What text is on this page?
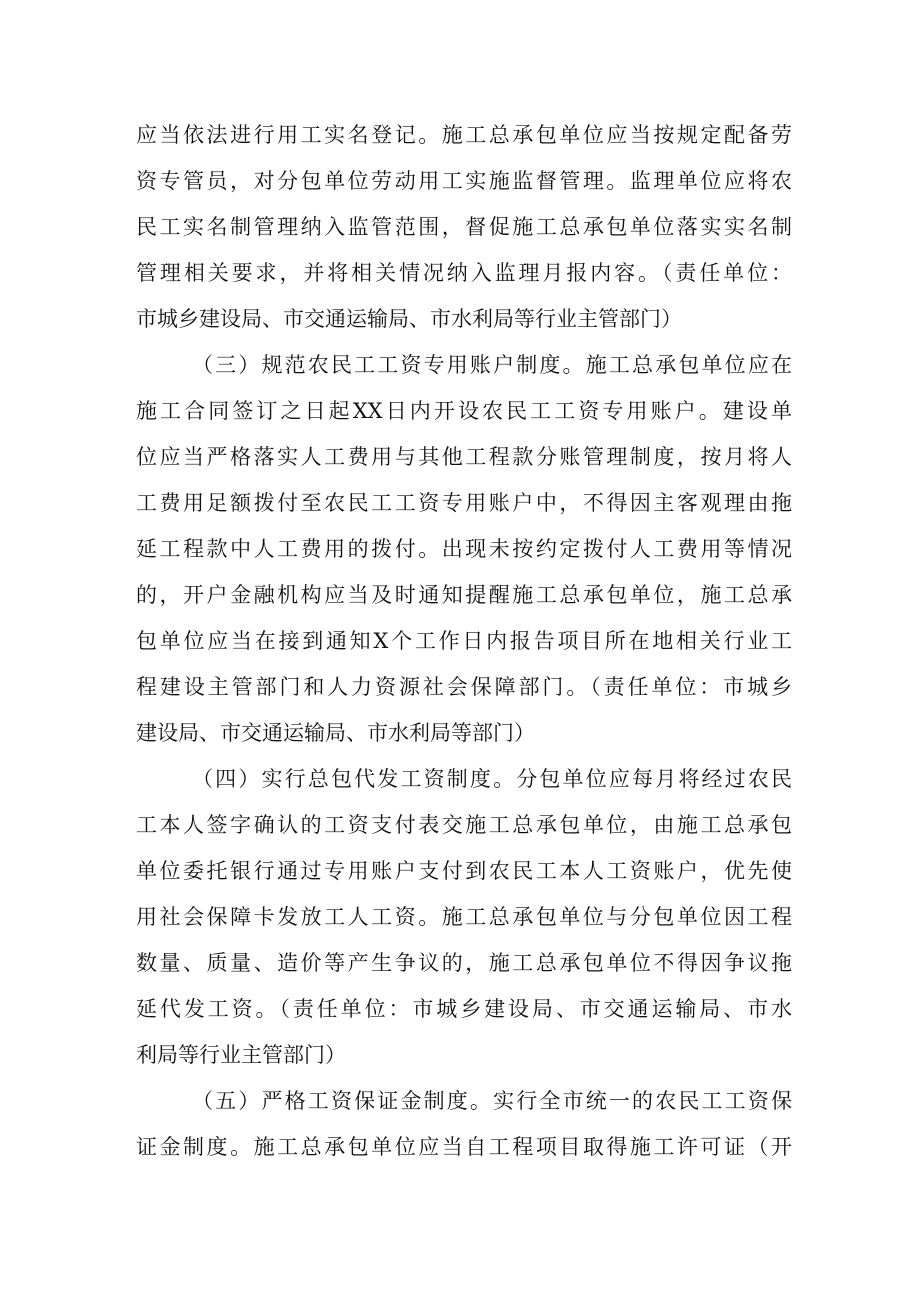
应当依法进行用工实名登记。施工总承包单位应当按规定配备劳
资专管员，对分包单位劳动用工实施监督管理。监理单位应将农
民工实名制管理纳入监管范围，督促施工总承包单位落实实名制
管理相关要求，并将相关情况纳入监理月报内容。（责任单位：
市城乡建设局、市交通运输局、市水利局等行业主管部门）
（三）规范农民工工资专用账户制度。施工总承包单位应在
施工合同签订之日起XX日内开设农民工工资专用账户。建设单
位应当严格落实人工费用与其他工程款分账管理制度，按月将人
工费用足额拨付至农民工工资专用账户中，不得因主客观理由拖
延工程款中人工费用的拨付。出现未按约定拨付人工费用等情况
的，开户金融机构应当及时通知提醒施工总承包单位，施工总承
包单位应当在接到通知X个工作日内报告项目所在地相关行业工
程建设主管部门和人力资源社会保障部门。（责任单位：市城乡
建设局、市交通运输局、市水利局等部门）
（四）实行总包代发工资制度。分包单位应每月将经过农民
工本人签字确认的工资支付表交施工总承包单位，由施工总承包
单位委托银行通过专用账户支付到农民工本人工资账户，优先使
用社会保障卡发放工人工资。施工总承包单位与分包单位因工程
数量、质量、造价等产生争议的，施工总承包单位不得因争议拖
延代发工资。（责任单位：市城乡建设局、市交通运输局、市水
利局等行业主管部门）
（五）严格工资保证金制度。实行全市统一的农民工工资保
证金制度。施工总承包单位应当自工程项目取得施工许可证（开
